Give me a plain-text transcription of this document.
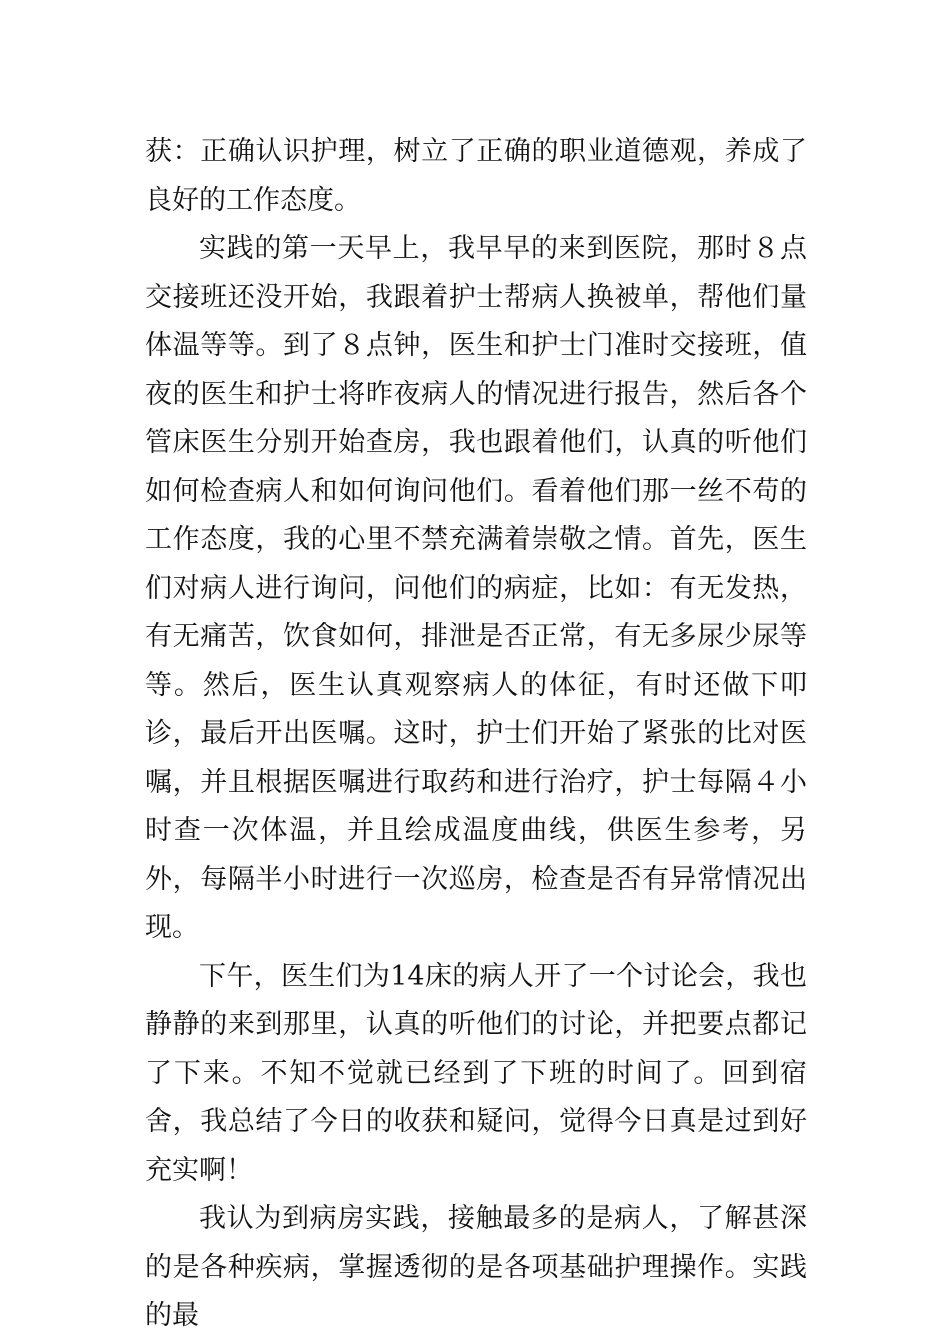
获：正确认识护理，树立了正确的职业道德观，养成了良好的工作态度。

实践的第一天早上，我早早的来到医院，那时８点交接班还没开始，我跟着护士帮病人换被单，帮他们量体温等等。到了８点钟，医生和护士门准时交接班，值夜的医生和护士将昨夜病人的情况进行报告，然后各个管床医生分别开始查房，我也跟着他们，认真的听他们如何检查病人和如何询问他们。看着他们那一丝不苟的工作态度，我的心里不禁充满着崇敬之情。首先，医生们对病人进行询问，问他们的病症，比如：有无发热，有无痛苦，饮食如何，排泄是否正常，有无多尿少尿等等。然后，医生认真观察病人的体征，有时还做下叩诊，最后开出医嘱。这时，护士们开始了紧张的比对医嘱，并且根据医嘱进行取药和进行治疗，护士每隔４小时查一次体温，并且绘成温度曲线，供医生参考，另外，每隔半小时进行一次巡房，检查是否有异常情况出现。

下午，医生们为14床的病人开了一个讨论会，我也静静的来到那里，认真的听他们的讨论，并把要点都记了下来。不知不觉就已经到了下班的时间了。回到宿舍，我总结了今日的收获和疑问，觉得今日真是过到好充实啊！

我认为到病房实践，接触最多的是病人，了解甚深的是各种疾病，掌握透彻的是各项基础护理操作。实践的最
